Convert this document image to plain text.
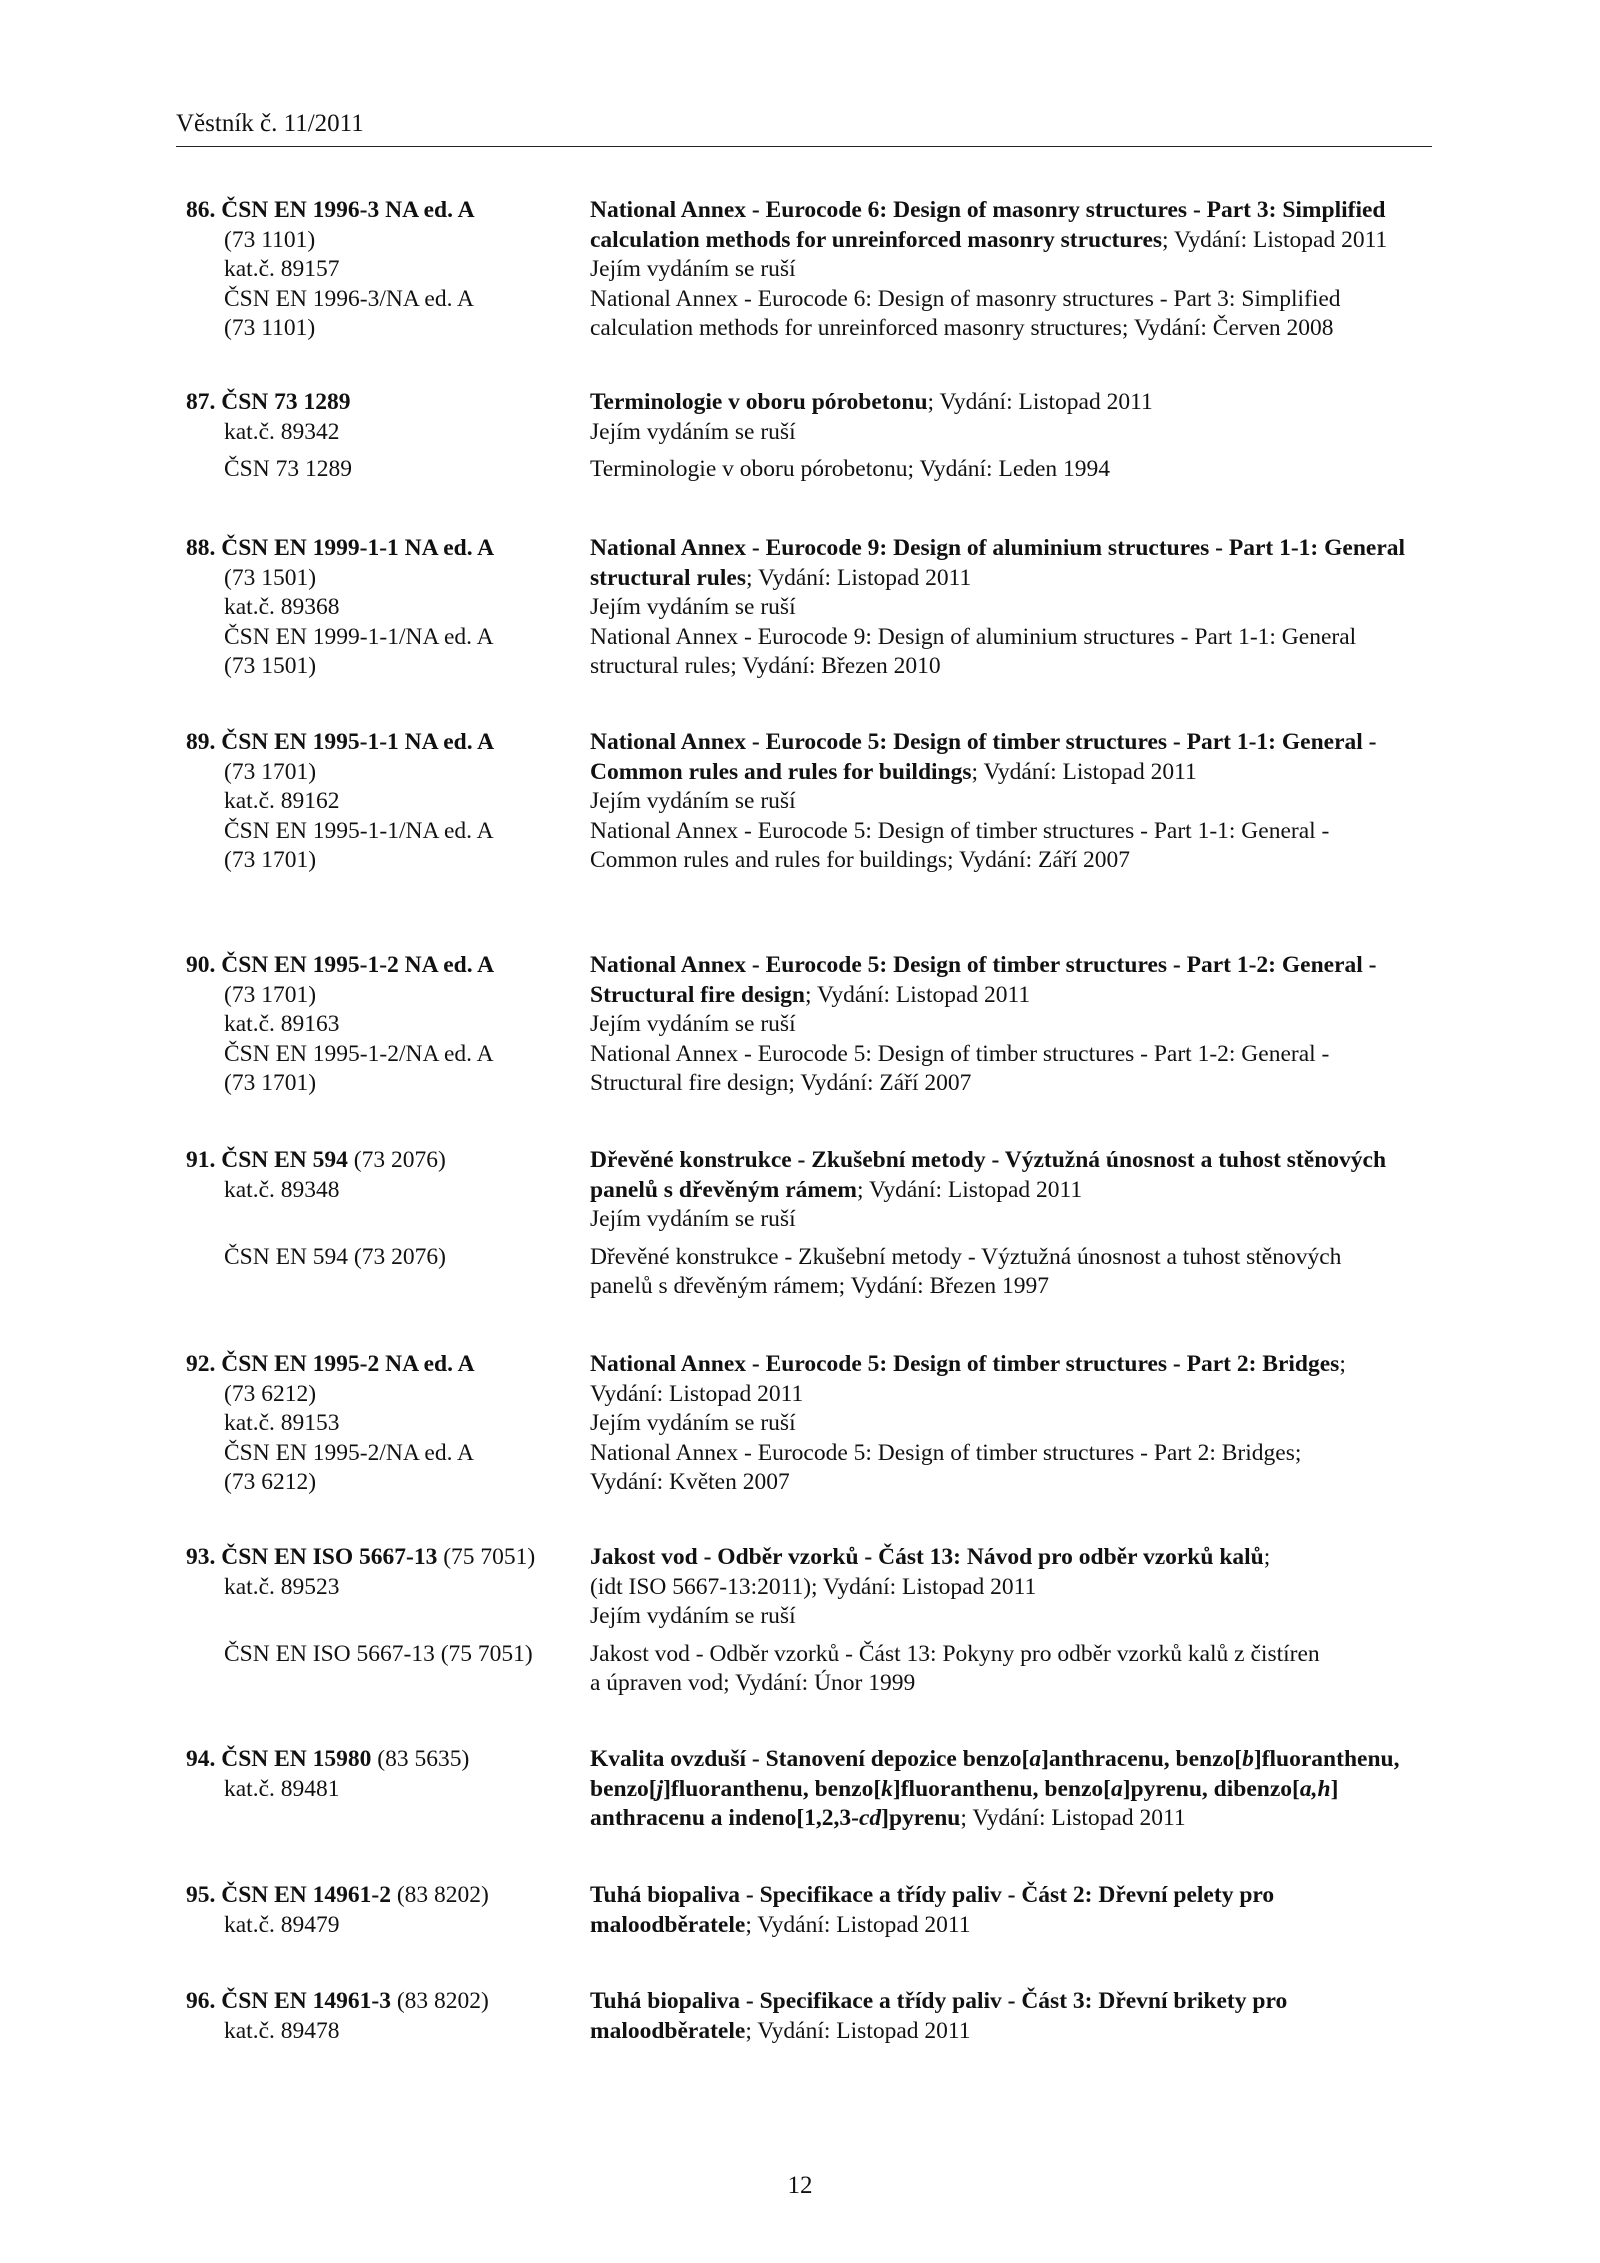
Věstník č. 11/2011
86. ČSN EN 1996-3 NA ed. A
(73 1101)
kat.č. 89157
ČSN EN 1996-3/NA ed. A
(73 1101)
National Annex - Eurocode 6: Design of masonry structures - Part 3: Simplified
calculation methods for unreinforced masonry structures; Vydání: Listopad 2011
Jejím vydáním se ruší
National Annex - Eurocode 6: Design of masonry structures - Part 3: Simplified
calculation methods for unreinforced masonry structures; Vydání: Červen 2008
87. ČSN 73 1289
kat.č. 89342
ČSN 73 1289
Terminologie v oboru pórobetonu; Vydání: Listopad 2011
Jejím vydáním se ruší
Terminologie v oboru pórobetonu; Vydání: Leden 1994
88. ČSN EN 1999-1-1 NA ed. A
(73 1501)
kat.č. 89368
ČSN EN 1999-1-1/NA ed. A
(73 1501)
National Annex - Eurocode 9: Design of aluminium structures - Part 1-1: General
structural rules; Vydání: Listopad 2011
Jejím vydáním se ruší
National Annex - Eurocode 9: Design of aluminium structures - Part 1-1: General
structural rules; Vydání: Březen 2010
89. ČSN EN 1995-1-1 NA ed. A
(73 1701)
kat.č. 89162
ČSN EN 1995-1-1/NA ed. A
(73 1701)
National Annex - Eurocode 5: Design of timber structures - Part 1-1: General -
Common rules and rules for buildings; Vydání: Listopad 2011
Jejím vydáním se ruší
National Annex - Eurocode 5: Design of timber structures - Part 1-1: General -
Common rules and rules for buildings; Vydání: Září 2007
90. ČSN EN 1995-1-2 NA ed. A
(73 1701)
kat.č. 89163
ČSN EN 1995-1-2/NA ed. A
(73 1701)
National Annex - Eurocode 5: Design of timber structures - Part 1-2: General -
Structural fire design; Vydání: Listopad 2011
Jejím vydáním se ruší
National Annex - Eurocode 5: Design of timber structures - Part 1-2: General -
Structural fire design; Vydání: Září 2007
91. ČSN EN 594 (73 2076)
kat.č. 89348
ČSN EN 594 (73 2076)
Dřevěné konstrukce - Zkušební metody - Výztužná únosnost a tuhost stěnových
panelů s dřevěným rámem; Vydání: Listopad 2011
Jejím vydáním se ruší
Dřevěné konstrukce - Zkušební metody - Výztužná únosnost a tuhost stěnových
panelů s dřevěným rámem; Vydání: Březen 1997
92. ČSN EN 1995-2 NA ed. A
(73 6212)
kat.č. 89153
ČSN EN 1995-2/NA ed. A
(73 6212)
National Annex - Eurocode 5: Design of timber structures - Part 2: Bridges;
Vydání: Listopad 2011
Jejím vydáním se ruší
National Annex - Eurocode 5: Design of timber structures - Part 2: Bridges;
Vydání: Květen 2007
93. ČSN EN ISO 5667-13 (75 7051)
kat.č. 89523
ČSN EN ISO 5667-13 (75 7051)
Jakost vod - Odběr vzorků - Část 13: Návod pro odběr vzorků kalů;
(idt ISO 5667-13:2011); Vydání: Listopad 2011
Jejím vydáním se ruší
Jakost vod - Odběr vzorků - Část 13: Pokyny pro odběr vzorků kalů z čistíren
a úpraven vod; Vydání: Únor 1999
94. ČSN EN 15980 (83 5635)
kat.č. 89481
Kvalita ovzduší - Stanovení depozice benzo[a]anthracenu, benzo[b]fluoranthenu,
benzo[j]fluoranthenu, benzo[k]fluoranthenu, benzo[a]pyrenu, dibenzo[a,h]
anthracenu a indeno[1,2,3-cd]pyrenu; Vydání: Listopad 2011
95. ČSN EN 14961-2 (83 8202)
kat.č. 89479
Tuhá biopaliva - Specifikace a třídy paliv - Část 2: Dřevní pelety pro
maloodběratele; Vydání: Listopad 2011
96. ČSN EN 14961-3 (83 8202)
kat.č. 89478
Tuhá biopaliva - Specifikace a třídy paliv - Část 3: Dřevní brikety pro
maloodběratele; Vydání: Listopad 2011
12
